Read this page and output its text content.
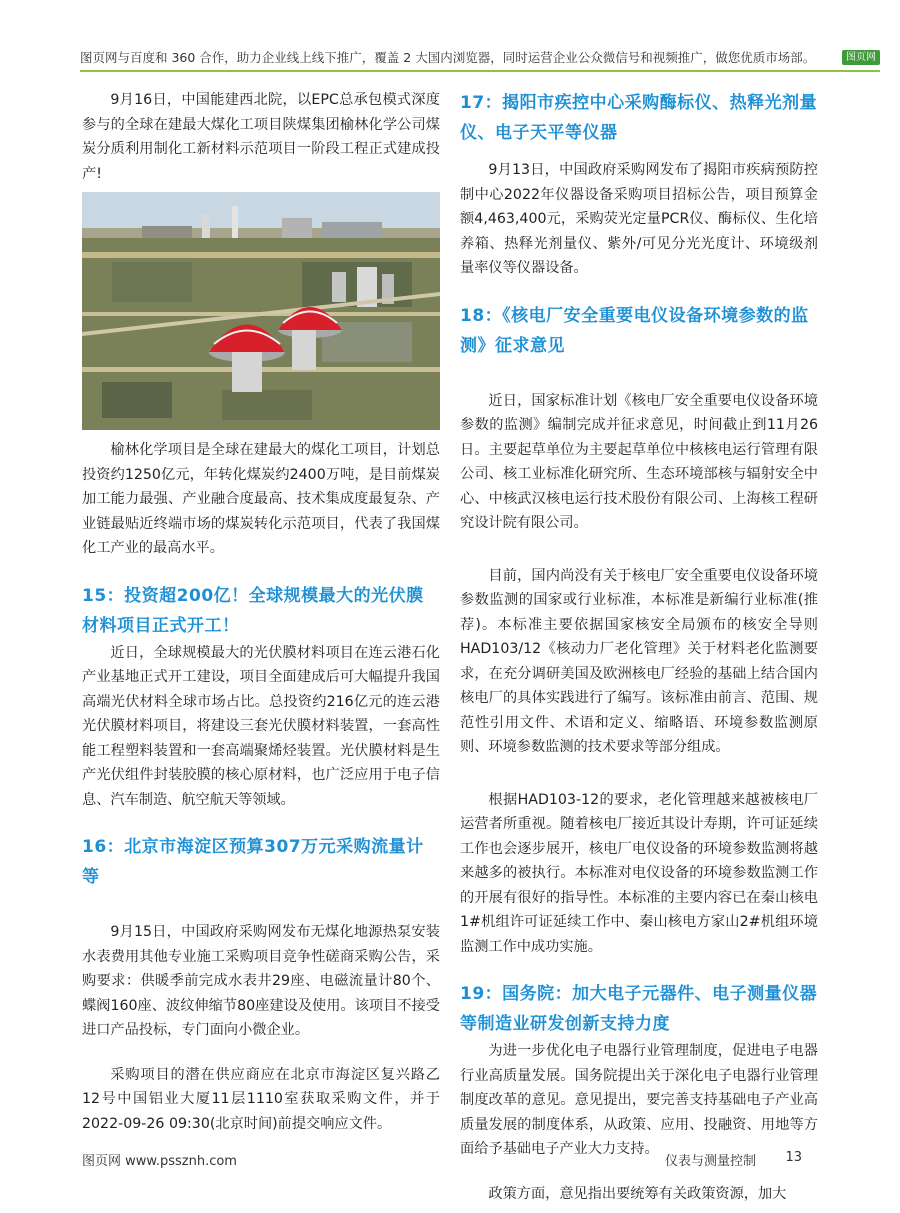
图页网与百度和 360 合作，助力企业线上线下推广，覆盖 2 大国内浏览器，同时运营企业公众微信号和视频推广，做您优质市场部。	图页网

9月16日，中国能建西北院，以EPC总承包模式深度参与的全球在建最大煤化工项目陕煤集团榆林化学公司煤炭分质利用制化工新材料示范项目一阶段工程正式建成投产!

榆林化学项目是全球在建最大的煤化工项目，计划总投资约1250亿元，年转化煤炭约2400万吨，是目前煤炭加工能力最强、产业融合度最高、技术集成度最复杂、产业链最贴近终端市场的煤炭转化示范项目，代表了我国煤化工产业的最高水平。

15：投资超200亿！全球规模最大的光伏膜材料项目正式开工！

近日，全球规模最大的光伏膜材料项目在连云港石化产业基地正式开工建设，项目全面建成后可大幅提升我国高端光伏材料全球市场占比。总投资约216亿元的连云港光伏膜材料项目，将建设三套光伏膜材料装置，一套高性能工程塑料装置和一套高端聚烯烃装置。光伏膜材料是生产光伏组件封装胶膜的核心原材料，也广泛应用于电子信息、汽车制造、航空航天等领域。

16：北京市海淀区预算307万元采购流量计等

9月15日，中国政府采购网发布无煤化地源热泵安装水表费用其他专业施工采购项目竞争性磋商采购公告，采购要求：供暖季前完成水表井29座、电磁流量计80个、蝶阀160座、波纹伸缩节80座建设及使用。该项目不接受进口产品投标，专门面向小微企业。

采购项目的潜在供应商应在北京市海淀区复兴路乙12号中国铝业大厦11层1110室获取采购文件，并于2022-09-26 09:30(北京时间)前提交响应文件。

17：揭阳市疾控中心采购酶标仪、热释光剂量仪、电子天平等仪器

9月13日，中国政府采购网发布了揭阳市疾病预防控制中心2022年仪器设备采购项目招标公告，项目预算金额4,463,400元，采购荧光定量PCR仪、酶标仪、生化培养箱、热释光剂量仪、紫外/可见分光光度计、环境级剂量率仪等仪器设备。

18：《核电厂安全重要电仪设备环境参数的监测》征求意见

近日，国家标准计划《核电厂安全重要电仪设备环境参数的监测》编制完成并征求意见，时间截止到11月26日。主要起草单位为主要起草单位中核核电运行管理有限公司、核工业标准化研究所、生态环境部核与辐射安全中心、中核武汉核电运行技术股份有限公司、上海核工程研究设计院有限公司。

目前，国内尚没有关于核电厂安全重要电仪设备环境参数监测的国家或行业标准，本标准是新编行业标准(推荐)。本标准主要依据国家核安全局颁布的核安全导则HAD103/12《核动力厂老化管理》关于材料老化监测要求，在充分调研美国及欧洲核电厂经验的基础上结合国内核电厂的具体实践进行了编写。该标准由前言、范围、规范性引用文件、术语和定义、缩略语、环境参数监测原则、环境参数监测的技术要求等部分组成。

根据HAD103-12的要求，老化管理越来越被核电厂运营者所重视。随着核电厂接近其设计寿期，许可证延续工作也会逐步展开，核电厂电仪设备的环境参数监测将越来越多的被执行。本标准对电仪设备的环境参数监测工作的开展有很好的指导性。本标准的主要内容已在秦山核电1#机组许可证延续工作中、秦山核电方家山2#机组环境监测工作中成功实施。

19：国务院：加大电子元器件、电子测量仪器等制造业研发创新支持力度

为进一步优化电子电器行业管理制度，促进电子电器行业高质量发展。国务院提出关于深化电子电器行业管理制度改革的意见。意见提出，要完善支持基础电子产业高质量发展的制度体系，从政策、应用、投融资、用地等方面给予基础电子产业大力支持。

政策方面，意见指出要统筹有关政策资源，加大

图页网 www.pssznh.com	仪表与测量控制 13
